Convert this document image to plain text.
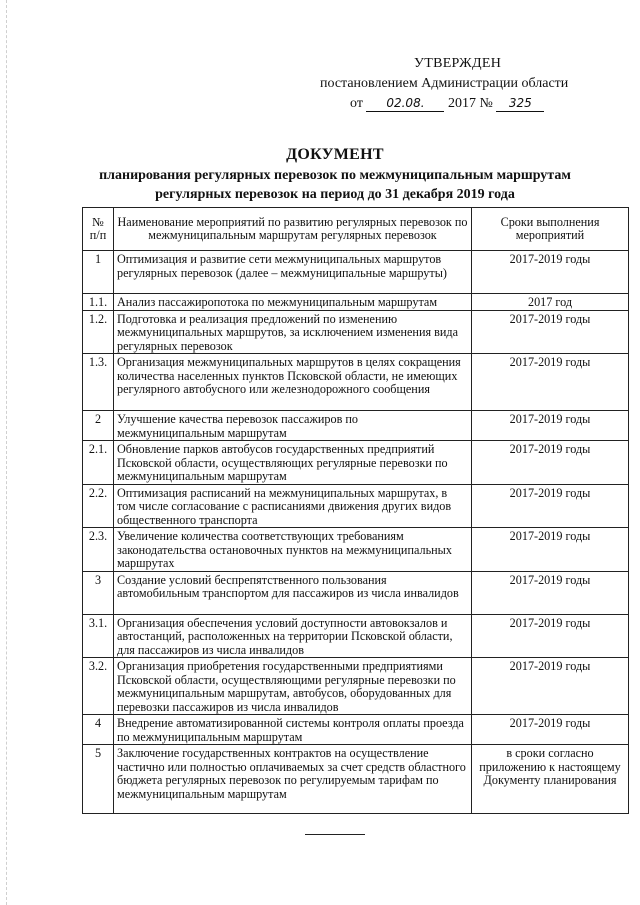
УТВЕРЖДЕН
постановлением Администрации области
от 02.08. 2017 № 325
ДОКУМЕНТ
планирования регулярных перевозок по межмуниципальным маршрутам
регулярных перевозок на период до 31 декабря 2019 года
№ п/п	Наименование мероприятий по развитию регулярных перевозок по межмуниципальным маршрутам регулярных перевозок	Сроки выполнения мероприятий
1	Оптимизация и развитие сети межмуниципальных маршрутов регулярных перевозок (далее – межмуниципальные маршруты)	2017-2019 годы
1.1.	Анализ пассажиропотока по межмуниципальным маршрутам	2017 год
1.2.	Подготовка и реализация предложений по изменению межмуниципальных маршрутов, за исключением изменения вида регулярных перевозок	2017-2019 годы
1.3.	Организация межмуниципальных маршрутов в целях сокращения количества населенных пунктов Псковской области, не имеющих регулярного автобусного или железнодорожного сообщения	2017-2019 годы
2	Улучшение качества перевозок пассажиров по межмуниципальным маршрутам	2017-2019 годы
2.1.	Обновление парков автобусов государственных предприятий Псковской области, осуществляющих регулярные перевозки по межмуниципальным маршрутам	2017-2019 годы
2.2.	Оптимизация расписаний на межмуниципальных маршрутах, в том числе согласование с расписаниями движения других видов общественного транспорта	2017-2019 годы
2.3.	Увеличение количества соответствующих требованиям законодательства остановочных пунктов на межмуниципальных маршрутах	2017-2019 годы
3	Создание условий беспрепятственного пользования автомобильным транспортом для пассажиров из числа инвалидов	2017-2019 годы
3.1.	Организация обеспечения условий доступности автовокзалов и автостанций, расположенных на территории Псковской области, для пассажиров из числа инвалидов	2017-2019 годы
3.2.	Организация приобретения государственными предприятиями Псковской области, осуществляющими регулярные перевозки по межмуниципальным маршрутам, автобусов, оборудованных для перевозки пассажиров из числа инвалидов	2017-2019 годы
4	Внедрение автоматизированной системы контроля оплаты проезда по межмуниципальным маршрутам	2017-2019 годы
5	Заключение государственных контрактов на осуществление частично или полностью оплачиваемых за счет средств областного бюджета регулярных перевозок по регулируемым тарифам по межмуниципальным маршрутам	в сроки согласно приложению к настоящему Документу планирования
